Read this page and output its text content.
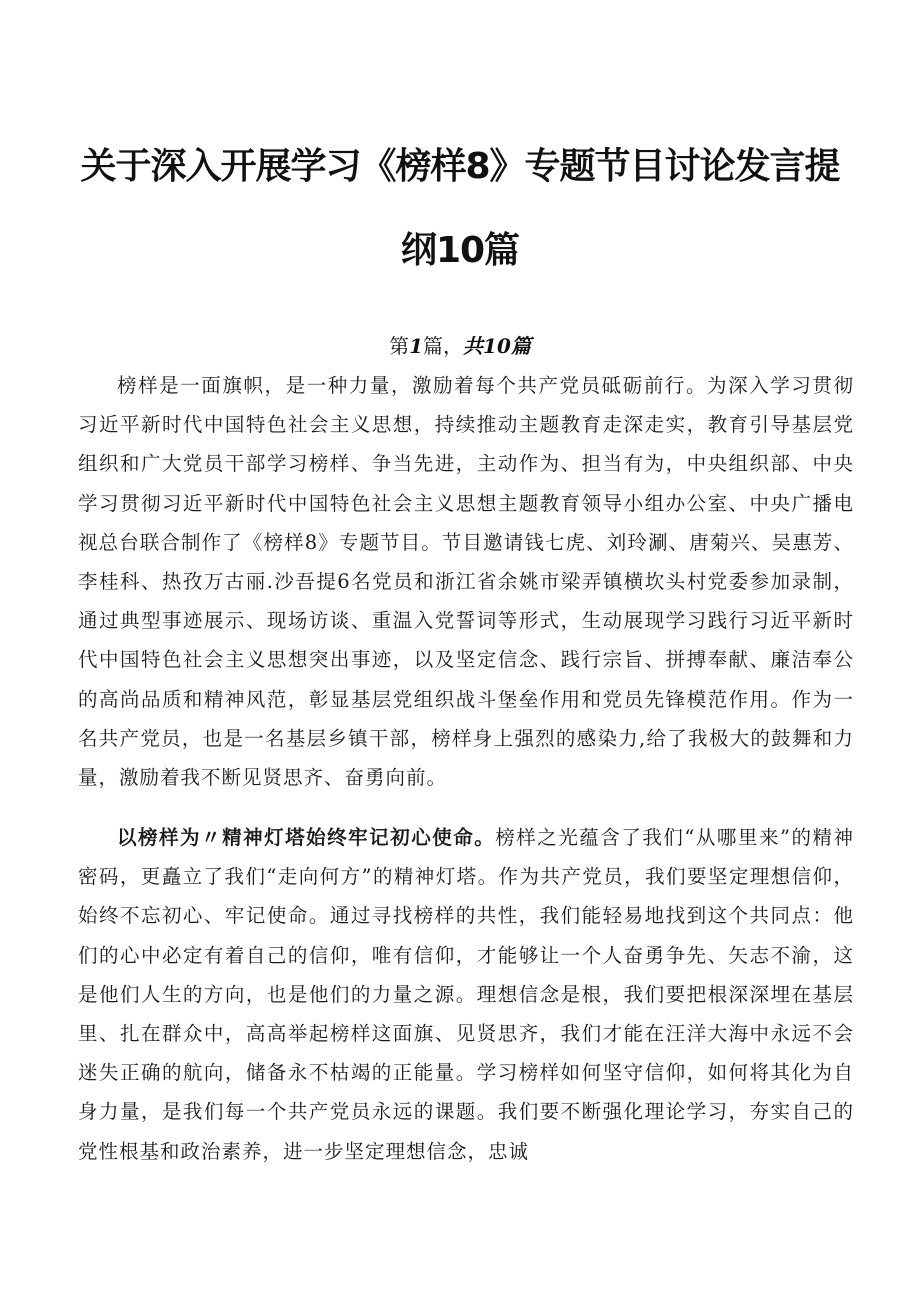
关于深入开展学习《榜样8》专题节目讨论发言提
纲10篇
第1篇，共10篇

榜样是一面旗帜，是一种力量，激励着每个共产党员砥砺前行。为深入学习贯彻习近平新时代中国特色社会主义思想，持续推动主题教育走深走实，教育引导基层党组织和广大党员干部学习榜样、争当先进，主动作为、担当有为，中央组织部、中央学习贯彻习近平新时代中国特色社会主义思想主题教育领导小组办公室、中央广播电视总台联合制作了《榜样8》专题节目。节目邀请钱七虎、刘玲涮、唐菊兴、吴惠芳、李桂科、热孜万古丽.沙吾提6名党员和浙江省余姚市梁弄镇横坎头村党委参加录制，通过典型事迹展示、现场访谈、重温入党誓词等形式，生动展现学习践行习近平新时代中国特色社会主义思想突出事迹，以及坚定信念、践行宗旨、拼搏奉献、廉洁奉公的高尚品质和精神风范，彰显基层党组织战斗堡垒作用和党员先锋模范作用。作为一名共产党员，也是一名基层乡镇干部，榜样身上强烈的感染力,给了我极大的鼓舞和力量，激励着我不断见贤思齐、奋勇向前。

以榜样为〃精神灯塔始终牢记初心使命。榜样之光蕴含了我们“从哪里来”的精神密码，更矗立了我们“走向何方”的精神灯塔。作为共产党员，我们要坚定理想信仰，始终不忘初心、牢记使命。通过寻找榜样的共性，我们能轻易地找到这个共同点：他们的心中必定有着自己的信仰，唯有信仰，才能够让一个人奋勇争先、矢志不渝，这是他们人生的方向，也是他们的力量之源。理想信念是根，我们要把根深深埋在基层里、扎在群众中，高高举起榜样这面旗、见贤思齐，我们才能在汪洋大海中永远不会迷失正确的航向，储备永不枯竭的正能量。学习榜样如何坚守信仰，如何将其化为自身力量，是我们每一个共产党员永远的课题。我们要不断强化理论学习，夯实自己的党性根基和政治素养，进一步坚定理想信念，忠诚
